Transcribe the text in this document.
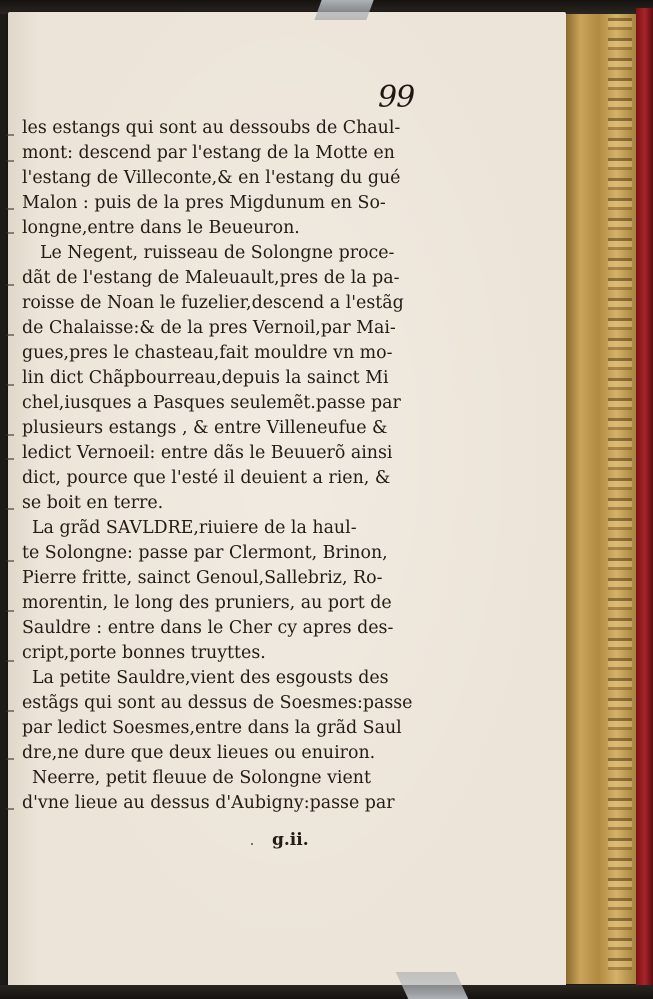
99
les estangs qui sont au dessoubs de Chaul-
mont: descend par l'estang de la Motte en
l'estang de Villeconte,& en l'estang du gué
Malon : puis de la pres Migdunum en So-
longne,entre dans le Beueuron.
Le Negent, ruisseau de Solongne proce-
dãt de l'estang de Maleuault,pres de la pa-
roisse de Noan le fuzelier,descend a l'estãg
de Chalaisse:& de la pres Vernoil,par Mai-
gues,pres le chasteau,fait mouldre vn mo-
lin dict Chãpbourreau,depuis la sainct Mi
chel,iusques a Pasques seulemẽt.passe par
plusieurs estangs , & entre Villeneufue &
ledict Vernoeil: entre dãs le Beuuerõ ainsi
dict, pource que l'esté il deuient a rien, &
se boit en terre.
La grãd SAVLDRE,riuiere de la haul-
te Solongne: passe par Clermont, Brinon,
Pierre fritte, sainct Genoul,Sallebriz, Ro-
morentin, le long des pruniers, au port de
Sauldre : entre dans le Cher cy apres des-
cript,porte bonnes truyttes.
La petite Sauldre,vient des esgousts des
estãgs qui sont au dessus de Soesmes:passe
par ledict Soesmes,entre dans la grãd Saul
dre,ne dure que deux lieues ou enuiron.
Neerre, petit fleuue de Solongne vient
d'vne lieue au dessus d'Aubigny:passe par
g.ii.
